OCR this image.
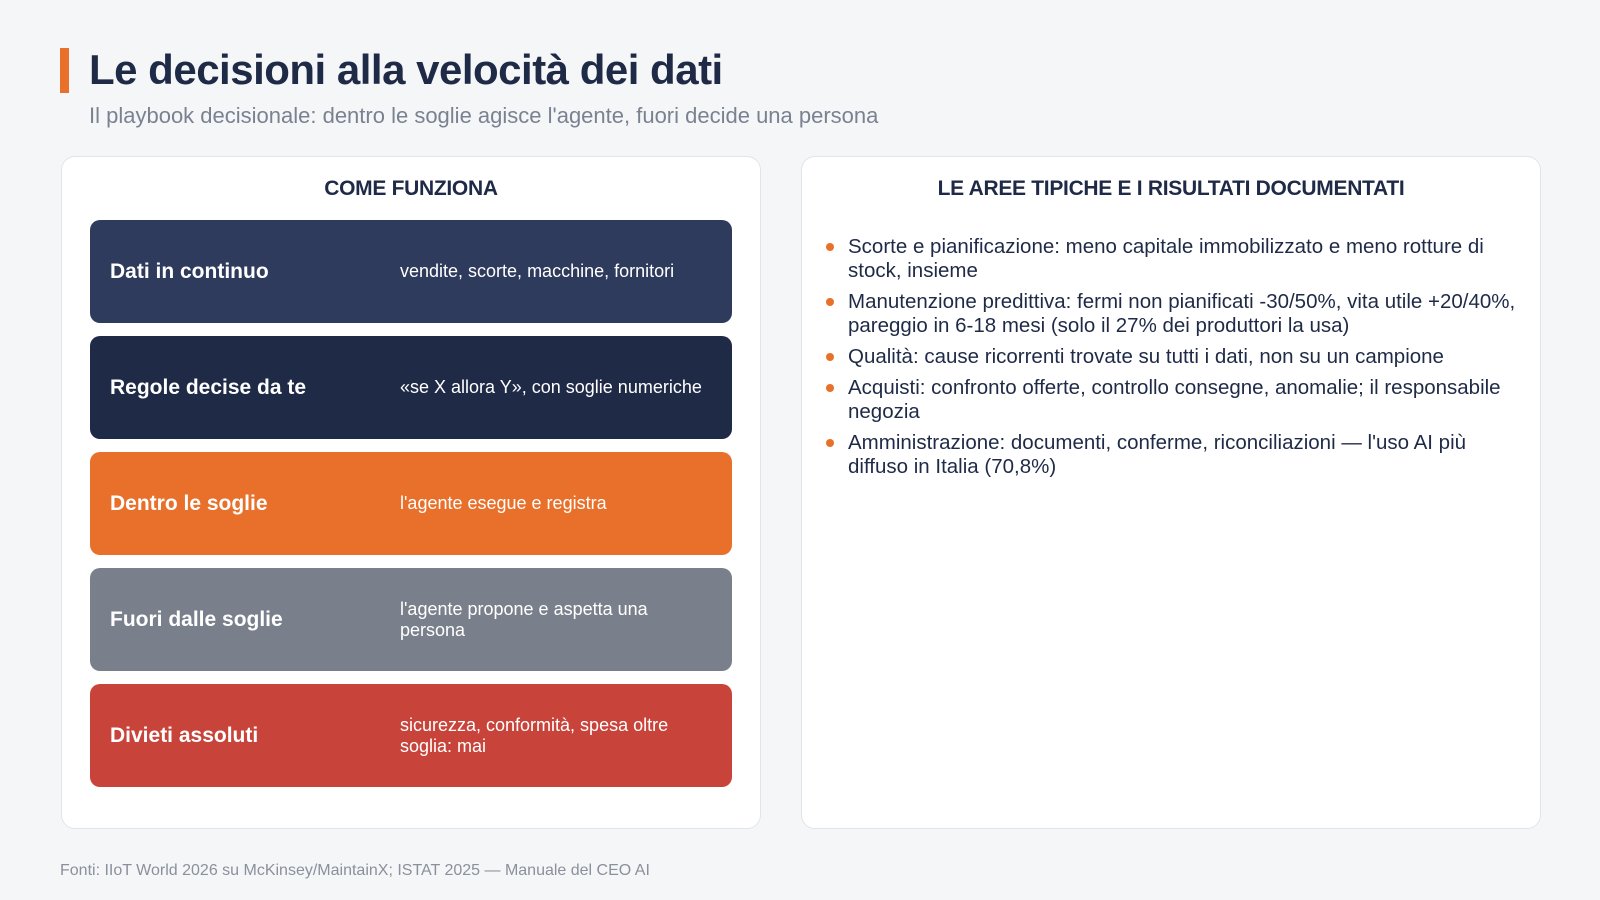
Le decisioni alla velocità dei dati
Il playbook decisionale: dentro le soglie agisce l'agente, fuori decide una persona
COME FUNZIONA
Dati in continuo	vendite, scorte, macchine, fornitori
Regole decise da te	«se X allora Y», con soglie numeriche
Dentro le soglie	l'agente esegue e registra
Fuori dalle soglie	l'agente propone e aspetta una persona
Divieti assoluti	sicurezza, conformità, spesa oltre soglia: mai
LE AREE TIPICHE E I RISULTATI DOCUMENTATI
Scorte e pianificazione: meno capitale immobilizzato e meno rotture di stock, insieme
Manutenzione predittiva: fermi non pianificati -30/50%, vita utile +20/40%, pareggio in 6-18 mesi (solo il 27% dei produttori la usa)
Qualità: cause ricorrenti trovate su tutti i dati, non su un campione
Acquisti: confronto offerte, controllo consegne, anomalie; il responsabile negozia
Amministrazione: documenti, conferme, riconciliazioni — l'uso AI più diffuso in Italia (70,8%)
Fonti: IIoT World 2026 su McKinsey/MaintainX; ISTAT 2025 — Manuale del CEO AI
